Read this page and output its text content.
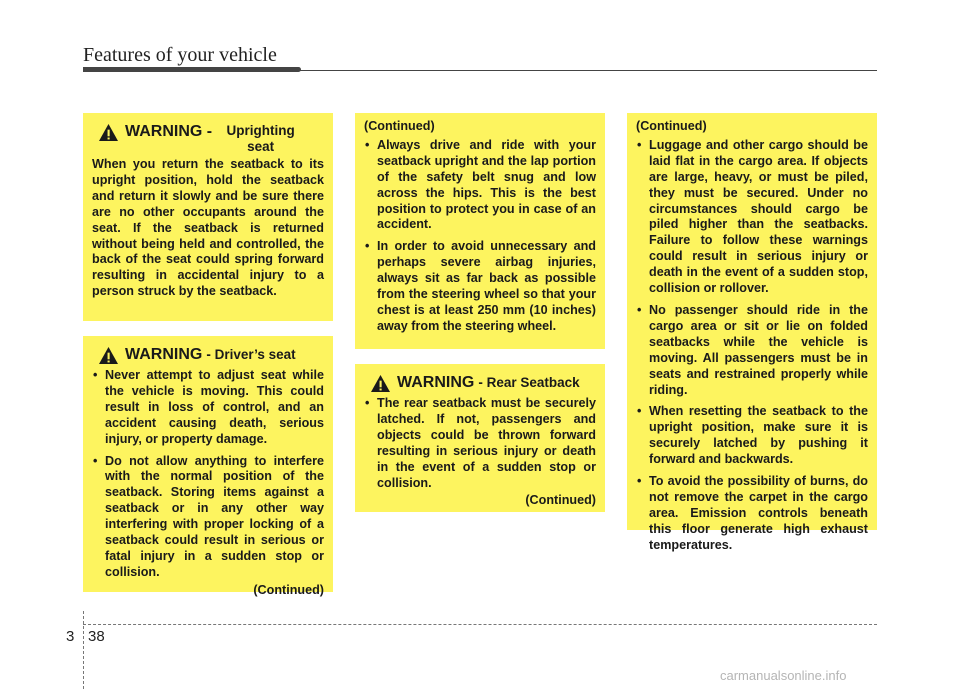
Features of your vehicle
WARNING - Uprighting seat
When you return the seatback to its upright position, hold the seatback and return it slowly and be sure there are no other occupants around the seat. If the seatback is returned without being held and controlled, the back of the seat could spring forward resulting in accidental injury to a person struck by the seatback.
WARNING - Driver’s seat
• Never attempt to adjust seat while the vehicle is moving. This could result in loss of control, and an accident causing death, serious injury, or property damage.
• Do not allow anything to interfere with the normal position of the seatback. Storing items against a seatback or in any other way interfering with proper locking of a seatback could result in serious or fatal injury in a sudden stop or collision.
(Continued)
(Continued)
• Always drive and ride with your seatback upright and the lap portion of the safety belt snug and low across the hips. This is the best position to protect you in case of an accident.
• In order to avoid unnecessary and perhaps severe airbag injuries, always sit as far back as possible from the steering wheel so that your chest is at least 250 mm (10 inches) away from the steering wheel.
WARNING - Rear Seatback
• The rear seatback must be securely latched. If not, passengers and objects could be thrown forward resulting in serious injury or death in the event of a sudden stop or collision.
(Continued)
(Continued)
• Luggage and other cargo should be laid flat in the cargo area. If objects are large, heavy, or must be piled, they must be secured. Under no circumstances should cargo be piled higher than the seatbacks. Failure to follow these warnings could result in serious injury or death in the event of a sudden stop, collision or rollover.
• No passenger should ride in the cargo area or sit or lie on folded seatbacks while the vehicle is moving. All passengers must be in seats and restrained properly while riding.
• When resetting the seatback to the upright position, make sure it is securely latched by pushing it forward and backwards.
• To avoid the possibility of burns, do not remove the carpet in the cargo area. Emission controls beneath this floor generate high exhaust temperatures.
3 38
carmanualsonline.info
